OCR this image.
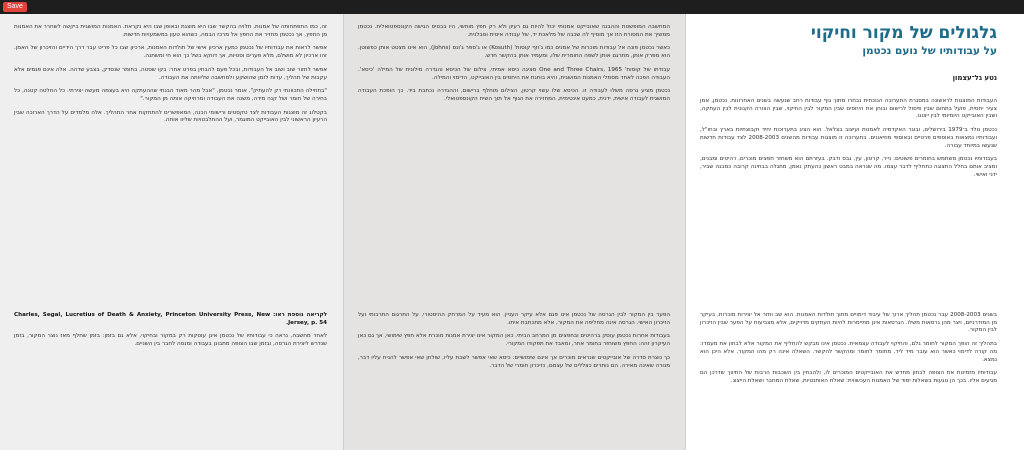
Save

זה, כמו התפתחותה של אמנות, תלויה בהקשר שבו היא מוצגת ובאופן שבו היא נקראת. האמנות המושגית ביקשה לשחרר את האמנות מן החפץ, אך נכטמן מחזיר את החפץ אל מרכז הבמה, כשהוא טעון במשמעויות חדשות.

אפשר לראות את עבודותיו של נכטמן כמעין ארכיון אישי של תולדות האמנות, ארכיון שבו כל פריט עבר דרך הידיים והזיכרון של האמן. זהו ארכיון לא מושלם, מלא פערים וסטיות, אך דווקא בשל כך הוא חי ומשתנה.

אפשר לחזור שוב ושוב אל העבודות, ובכל פעם להבחין בפרט אחר: בקו שסטה, בחומר שנסדק, בצבע שדהה. אלה אינם פגמים אלא עקבות של תהליך, עדות לזמן שהושקע ולמחשבה שליוותה את העבודה.

"בתחילה התכוונתי רק להעתיק", אומר נכטמן, "אבל מהר מאוד הבנתי שההעתקה היא בעצמה מעשה יצירתי. כל החלטה קטנה, כל בחירה של חומר ושל קנה מידה, משנה את העבודה ומרחיקה אותה מן המקור."

בקטלוג זה מוצגות העבודות לצד טקסטים ורישומי הכנה, המאפשרים להתחקות אחר התהליך. אלה מלמדים על הדרך הארוכה שבין הרעיון הראשוני לבין האובייקט המוגמר, ועל ההתלבטויות שליוו אותה.

לקריאה נוספת ראו: Charles, Segal, Lucretius of Death & Anxiety, Princeton University Press, New Jersey, p. 54.

לאחר מחשבה, נראה כי עבודותיו של נכטמן אינן עוסקות רק במקור ובחיקוי, אלא גם בזמן: בזמן שחלף מאז נוצר המקור, בזמן שנדרש ליצירת הגרסה, ובזמן שבו הצופה מתבונן בעבודה ומנסה לחבר בין השניים.

המחשבה המופשטת וההבנה שאובייקט אמנותי יכול להיות גם רעיון ולא רק חפץ מוחשי, היו בבסיס הגישה הקונספטואלית. נכטמן ממשיך את המסורת הזו אך מוסיף לה שכבה של מלאכת יד, של עבודה איטית וסבלנית.

כאשר נכטמן פונה אל עבודות מוכרות של אמנים כמו ג'וזף קוסות' (Kosuth) או ג'ספר ג'ונס (Johns), הוא אינו מצטט אותן כפשוטן. הוא מפרק אותן, מתרגם אותן לשפה החומרית שלו, ומעמיד אותן בהקשר חדש.

עבודתו של קוסות' One and Three Chairs, 1965 מציגה כיסא אמיתי, צילום של הכיסא והגדרה מילונית של המילה 'כיסא'. העבודה הפכה לאחד מסמלי האמנות המושגית, והיא בוחנת את היחסים בין האובייקט, הדימוי והמילה.

נכטמן מציע גרסה משלו לעבודה זו. הכיסא שלו עשוי קרטון, הצילום מוחלף ברישום, וההגדרה נכתבת ביד. כך הופכת העבודה המושגית לעבודה אישית, ידנית, כמעט אינטימית, המחזירה את הגוף אל תוך השיח הקונספטואלי.

הפער בין המקור לבין הגרסה של נכטמן אינו פגם אלא עיקר העניין. הוא מעיד על המרחק ההיסטורי, על התרגום התרבותי ועל הזיכרון האישי. הגרסה אינה מחליפה את המקור, אלא מתכתבת איתו.

בעבודות אחרות נכטמן עוסק ברהיטים ובחפצים מן המרחב הביתי. כאן המקור אינו יצירת אמנות מוכרת אלא חפץ שימושי, אך גם כאן העיקרון זהה: החפץ משוחזר בחומר אחר, ומאבד את תפקודו המקורי.

כך נוצרת סדרה של אובייקטים שנראים מוכרים אך אינם שימושיים: כיסא שאי אפשר לשבת עליו, שולחן שאי אפשר להניח עליו דבר, מנורה שאינה מאירה. הם נותרים כצללים של עצמם, כזיכרון חומרי של הדבר.

גלגולים של מקור וחיקוי
על עבודותיו של נועם נכטמן
נטע גל־עצמון

העבודות המוצגות לראשונה במסגרת התערוכה הנוכחית נבחרו מתוך גוף עבודות רחב שנעשה בשנים האחרונות. נכטמן, אמן צעיר יחסית, פועל בתחום שבין פיסול לרישום ובוחן את היחסים שבין המקור לבין החיקוי, שבין הצורה הקנונית לבין העתקה, ושבין האובייקט היומיומי לבין ייצוגו.

נכטמן נולד ב־1979 בירושלים, ובוגר האקדמיה לאמנות ועיצוב בצלאל. הוא הציג בתערוכות יחיד וקבוצתיות בארץ ובחו"ל, ועבודותיו נמצאות באוספים פרטיים ובאוספי מוזיאונים. בתערוכה זו מוצגות עבודות מהשנים 2008-2003 לצד עבודות חדשות שנעשו במיוחד עבורה.

בעבודותיו נכטמן משתמש בחומרים פשוטים: נייר, קרטון, עץ, גבס ודבק. בעזרתם הוא משחזר חפצים מוכרים, רהיטים ומבנים, ומציב אותם בחלל התצוגה כתחליף לדבר עצמו. מה שנראה במבט ראשון כהעתק נאמן, מתגלה בבחינה קרובה כמבנה שביר, ידני ואישי.

בשנים 2008-2003 עבר נכטמן תהליך ארוך של עיבוד דימויים מתוך תולדות האמנות. הוא שב וחזר אל יצירות מוכרות, בעיקר מן המודרניזם, ויצר מהן גרסאות משלו. הגרסאות אינן מתיימרות להיות העתקים מדויקים, אלא מצביעות על הפער שבין הזיכרון לבין המקור.

בתהליך זה הופך המקור לחומר גלם, והחיקוי לעבודה עצמאית. נכטמן אינו מבקש להחליף את המקור אלא לבחון את מעמדו: מה קורה לדימוי כאשר הוא עובר מיד ליד, מחומר לחומר ומהקשר להקשר. השאלה אינה רק מהו המקור, אלא היכן הוא נמצא.

עבודותיו מזמינות את הצופה לבחון מחדש את האובייקטים המוכרים לו, ולהבחין בין השכבות הרבות של התיווך שדרכן הם מגיעים אליו. בכך הן נוגעות בשאלות יסוד של האמנות העכשווית: שאלת האותנטיות, שאלת המחבר ושאלת הייצוג.
